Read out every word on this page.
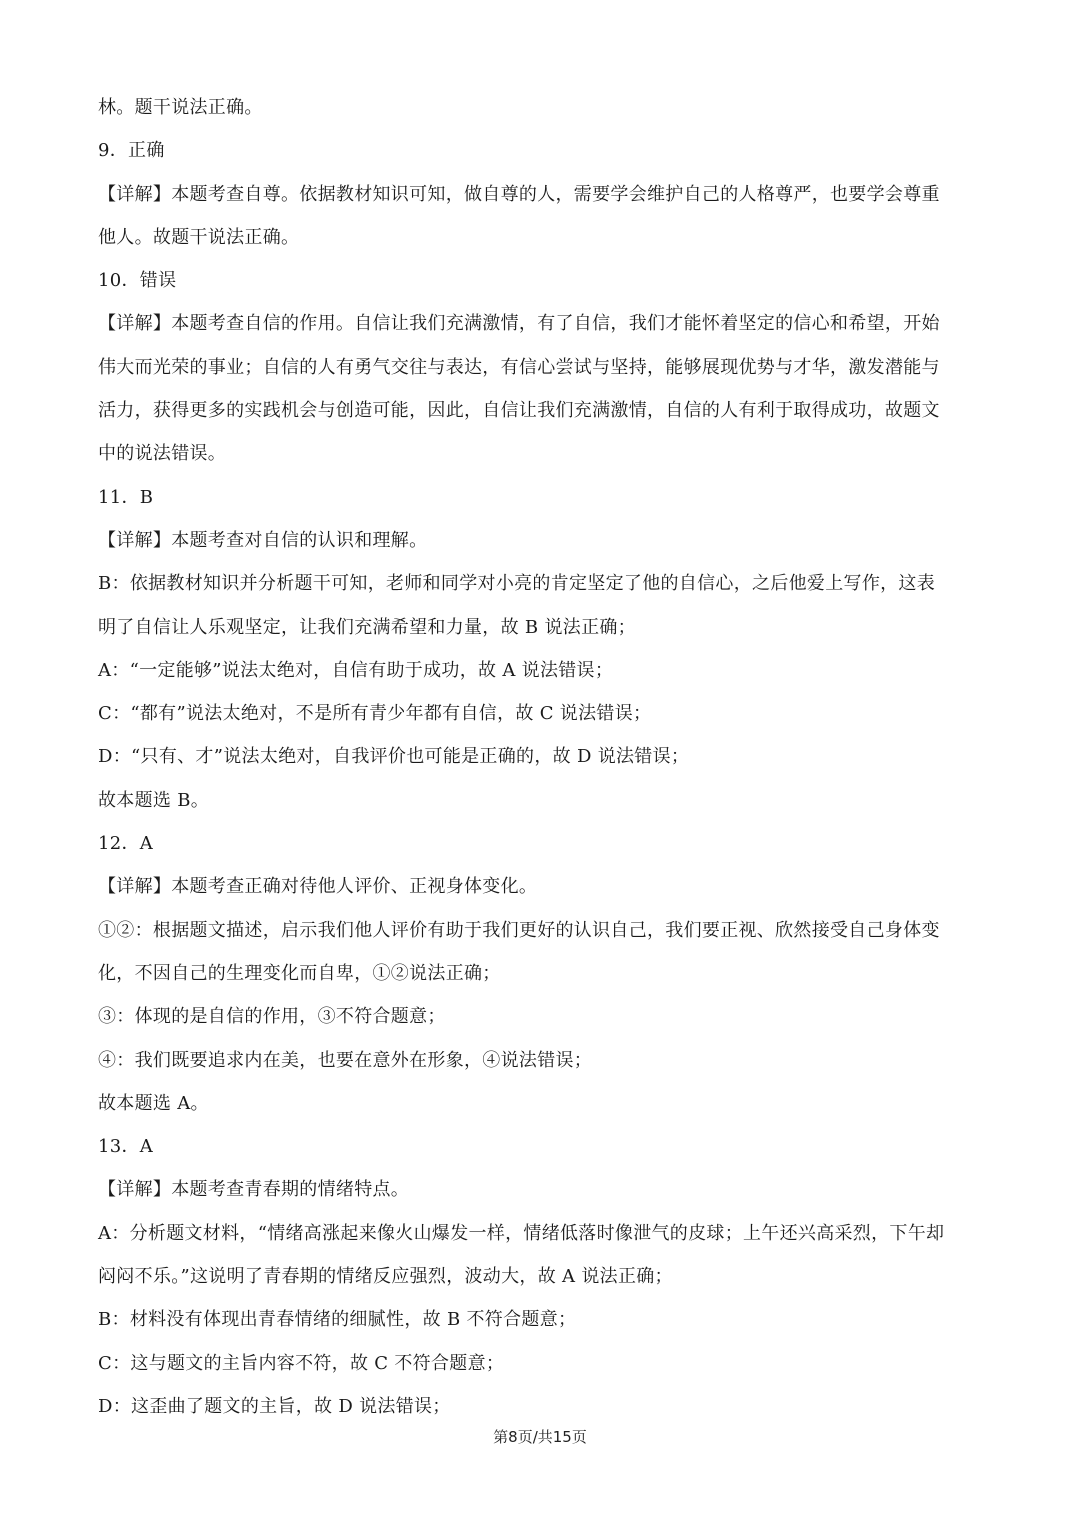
林。题干说法正确。
9．正确
【详解】本题考查自尊。依据教材知识可知，做自尊的人，需要学会维护自己的人格尊严，也要学会尊重
他人。故题干说法正确。
10．错误
【详解】本题考查自信的作用。自信让我们充满激情，有了自信，我们才能怀着坚定的信心和希望，开始
伟大而光荣的事业；自信的人有勇气交往与表达，有信心尝试与坚持，能够展现优势与才华，激发潜能与
活力，获得更多的实践机会与创造可能，因此，自信让我们充满激情，自信的人有利于取得成功，故题文
中的说法错误。
11．B
【详解】本题考查对自信的认识和理解。
B：依据教材知识并分析题干可知，老师和同学对小亮的肯定坚定了他的自信心，之后他爱上写作，这表
明了自信让人乐观坚定，让我们充满希望和力量，故 B 说法正确；
A：“一定能够”说法太绝对，自信有助于成功，故 A 说法错误；
C：“都有”说法太绝对，不是所有青少年都有自信，故 C 说法错误；
D：“只有、才”说法太绝对，自我评价也可能是正确的，故 D 说法错误；
故本题选 B。
12．A
【详解】本题考查正确对待他人评价、正视身体变化。
①②：根据题文描述，启示我们他人评价有助于我们更好的认识自己，我们要正视、欣然接受自己身体变
化，不因自己的生理变化而自卑，①②说法正确；
③：体现的是自信的作用，③不符合题意；
④：我们既要追求内在美，也要在意外在形象，④说法错误；
故本题选 A。
13．A
【详解】本题考查青春期的情绪特点。
A：分析题文材料，“情绪高涨起来像火山爆发一样，情绪低落时像泄气的皮球；上午还兴高采烈，下午却
闷闷不乐。”这说明了青春期的情绪反应强烈，波动大，故 A 说法正确；
B：材料没有体现出青春情绪的细腻性，故 B 不符合题意；
C：这与题文的主旨内容不符，故 C 不符合题意；
D：这歪曲了题文的主旨，故 D 说法错误；
第8页/共15页
